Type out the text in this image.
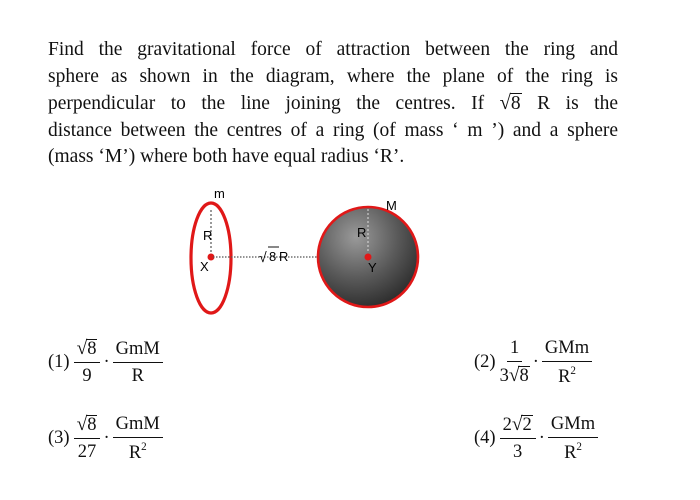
Find the gravitational force of attraction between the ring and
sphere as shown in the diagram, where the plane of the ring is
perpendicular to the line joining the centres. If √8 R is the
distance between the centres of a ring (of mass ‘ m ’) and a sphere
(mass ‘M’) where both have equal radius ‘R’.
m
R
X
√ 8 R
M
R
Y
$(1) \frac{√8}{9} \cdot \frac{\text{GmM}}{R}$	$(2) \frac{1}{3√8} \cdot \frac{\text{GMm}}{R^2}$
$(3) \frac{√8}{27} \cdot \frac{\text{GmM}}{R^2}$	$(4) \frac{2√2}{3} \cdot \frac{\text{GMm}}{R^2}$
